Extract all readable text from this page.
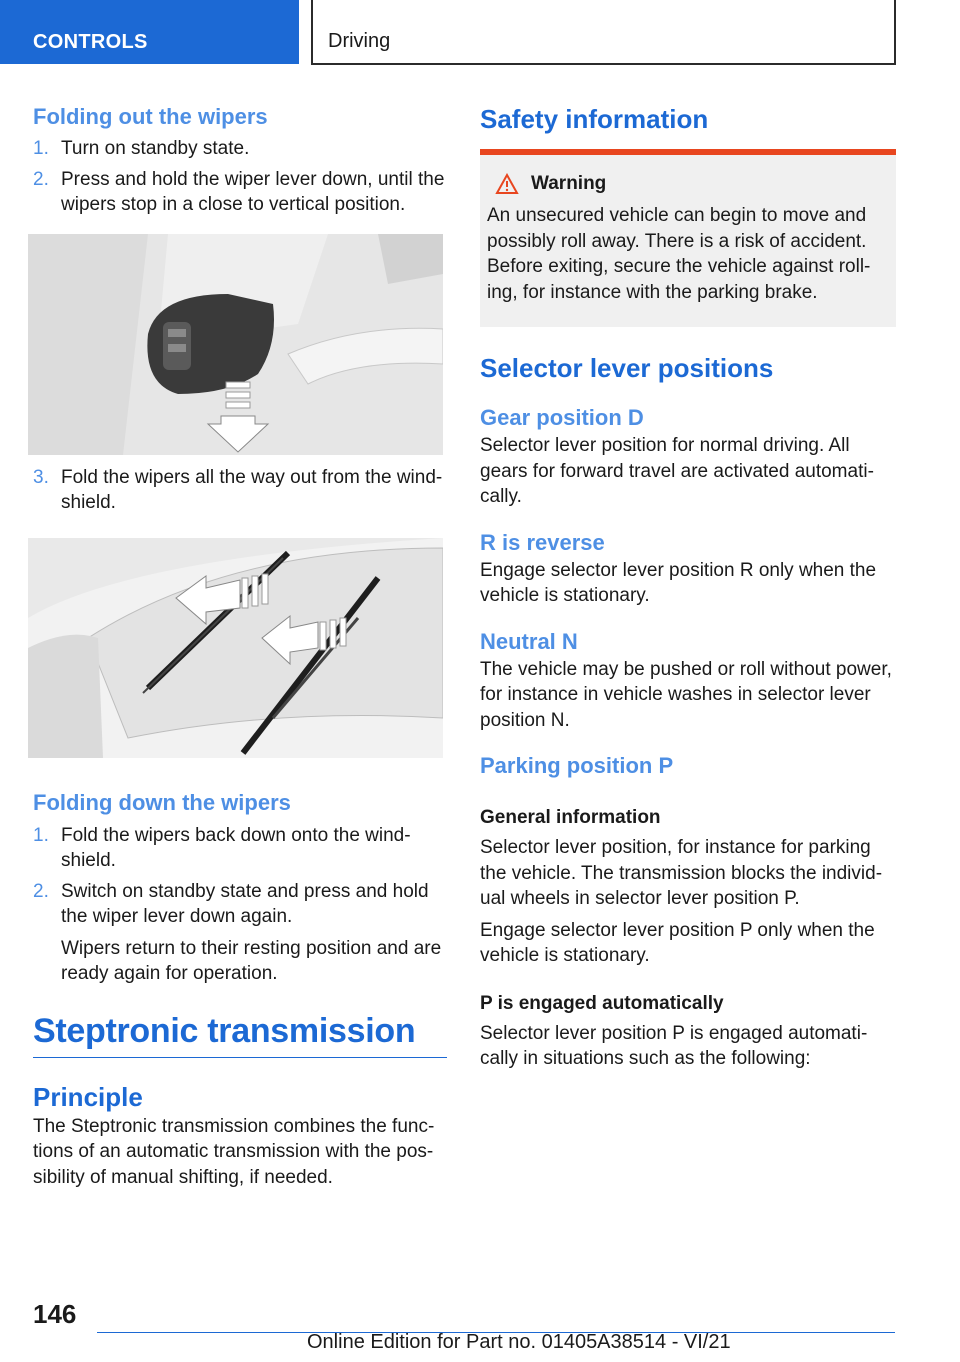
CONTROLS	Driving
Folding out the wipers
1. Turn on standby state.
2. Press and hold the wiper lever down, until the wipers stop in a close to vertical position.
3. Fold the wipers all the way out from the windshield.
Folding down the wipers
1. Fold the wipers back down onto the windshield.
2. Switch on standby state and press and hold the wiper lever down again.

Wipers return to their resting position and are ready again for operation.

Steptronic transmission
Principle

The Steptronic transmission combines the functions of an automatic transmission with the possibility of manual shifting, if needed.

Safety information
Warning

An unsecured vehicle can begin to move and possibly roll away. There is a risk of accident. Before exiting, secure the vehicle against rolling, for instance with the parking brake.

Selector lever positions
Gear position D

Selector lever position for normal driving. All gears for forward travel are activated automatically.

R is reverse

Engage selector lever position R only when the vehicle is stationary.

Neutral N

The vehicle may be pushed or roll without power, for instance in vehicle washes in selector lever position N.

Parking position P
General information

Selector lever position, for instance for parking the vehicle. The transmission blocks the individual wheels in selector lever position P.

Engage selector lever position P only when the vehicle is stationary.

P is engaged automatically

Selector lever position P is engaged automatically in situations such as the following:

146
Online Edition for Part no. 01405A38514 - VI/21
